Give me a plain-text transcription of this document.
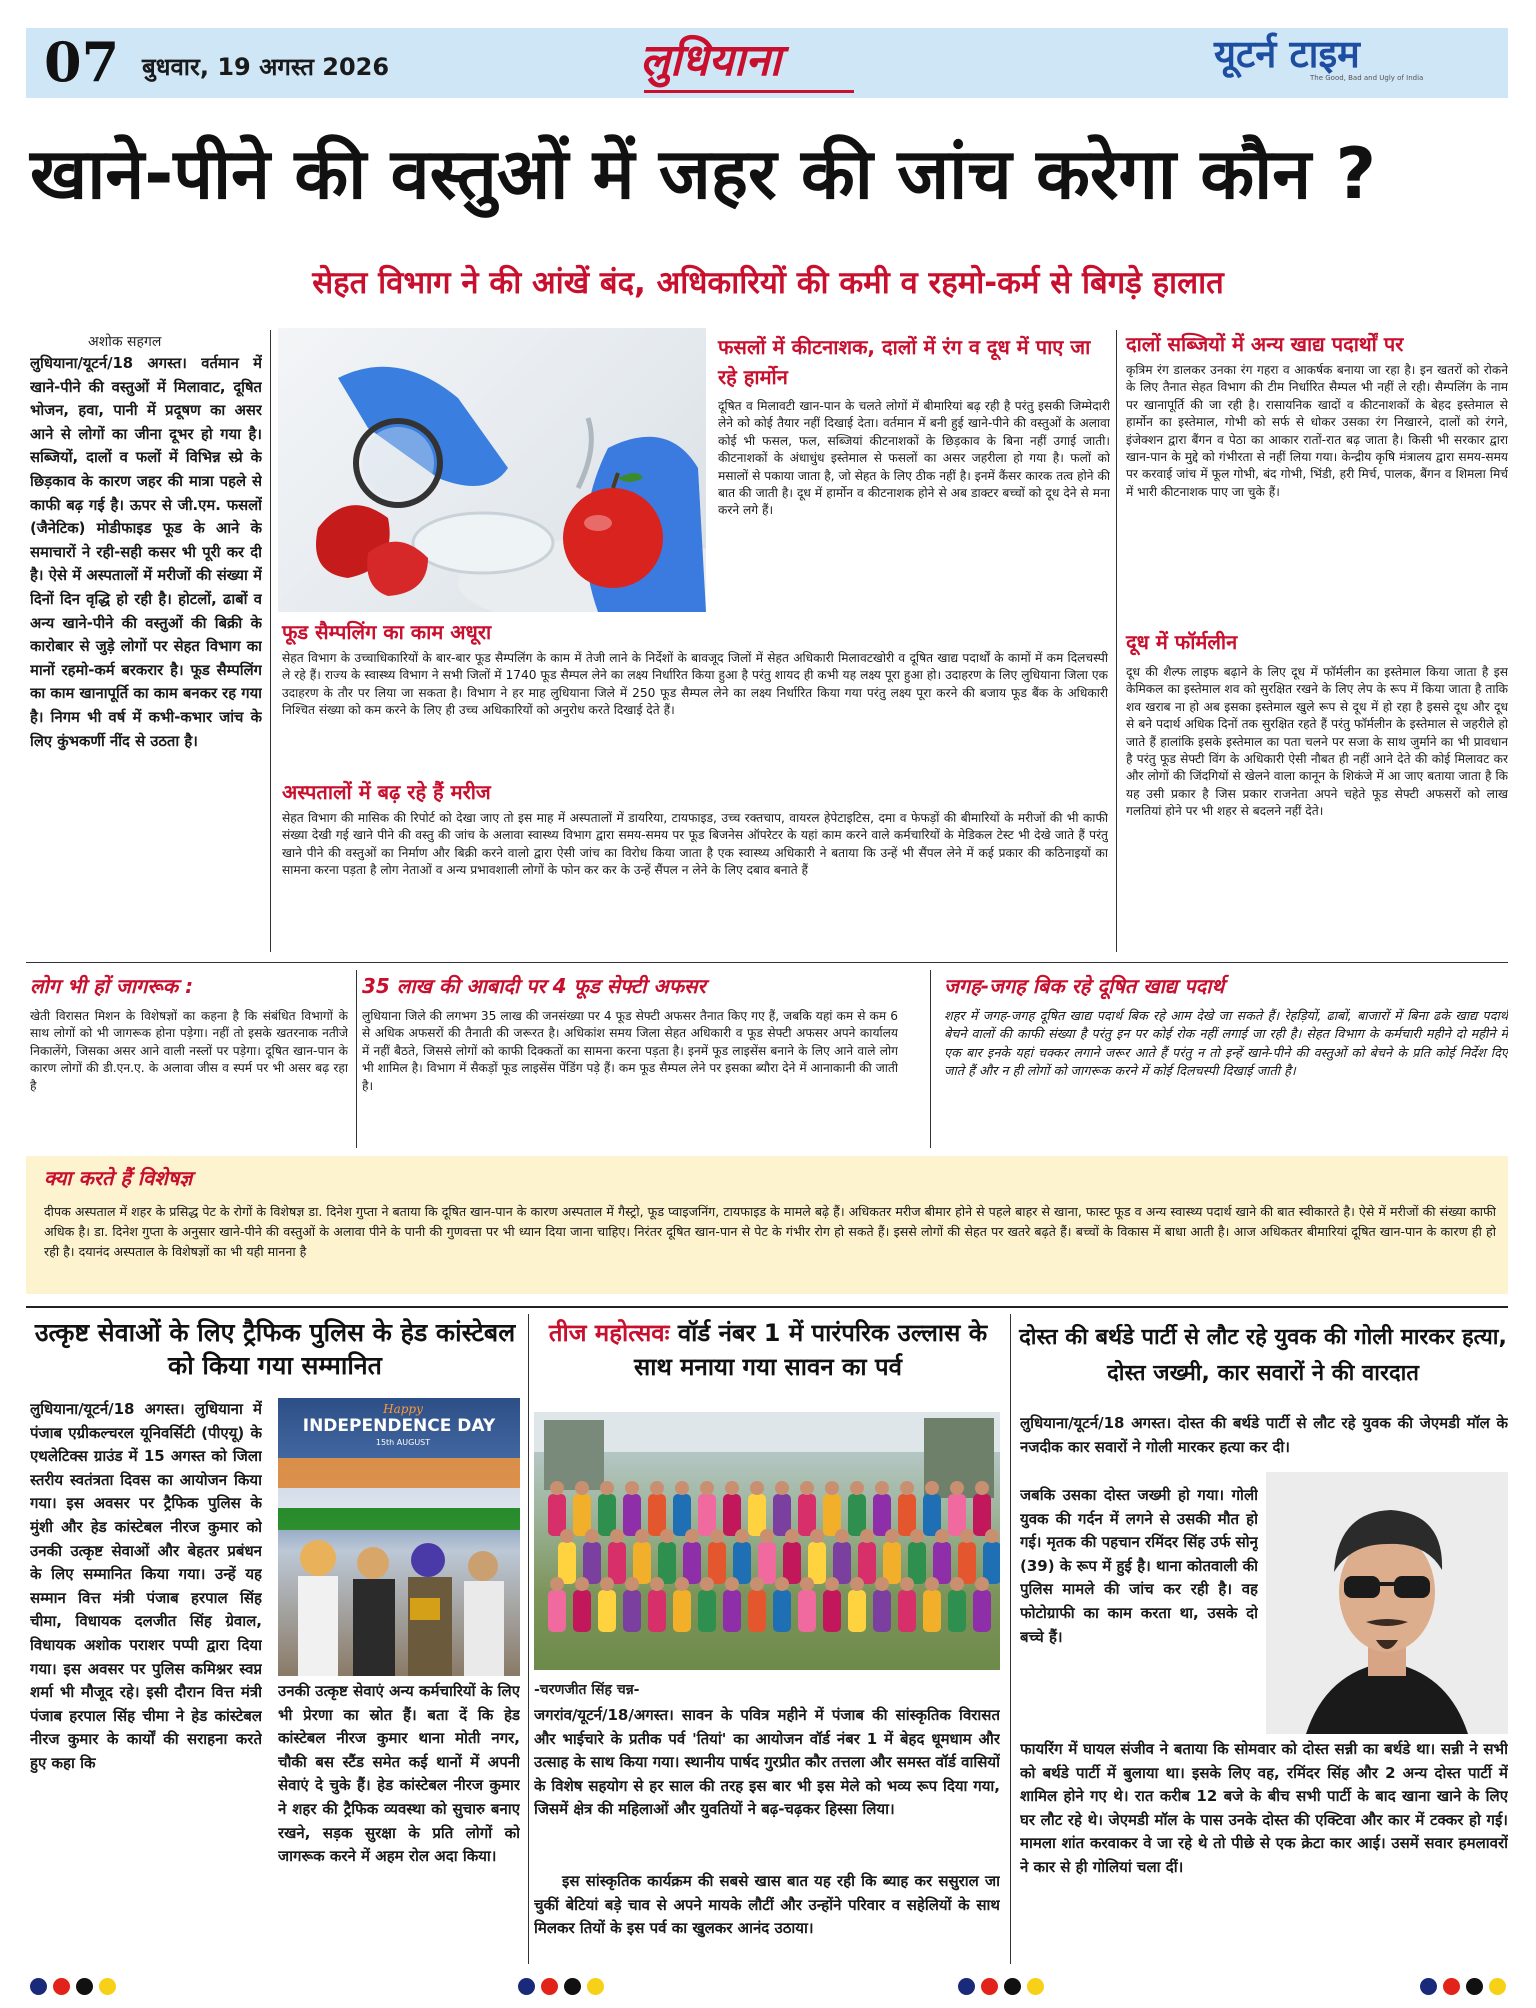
07 बुधवार, 19 अगस्त 2026	लुधियाना	यूटर्न टाइम
The Good, Bad and Ugly of India
खाने-पीने की वस्तुओं में जहर की जांच करेगा कौन ?
सेहत विभाग ने की आंखें बंद, अधिकारियों की कमी व रहमो-कर्म से बिगड़े हालात
अशोक सहगल
लुधियाना/यूटर्न/18 अगस्त। वर्तमान में खाने-पीने की वस्तुओं में मिलावाट, दूषित भोजन, हवा, पानी में प्रदूषण का असर आने से लोगों का जीना दूभर हो गया है। सब्जियों, दालों व फलों में विभिन्न स्प्रे के छिड़काव के कारण जहर की मात्रा पहले से काफी बढ़ गई है। ऊपर से जी.एम. फसलों (जैनेटिक) मोडीफाइड फूड के आने के समाचारों ने रही-सही कसर भी पूरी कर दी है। ऐसे में अस्पतालों में मरीजों की संख्या में दिनों दिन वृद्धि हो रही है। होटलों, ढाबों व अन्य खाने-पीने की वस्तुओं की बिक्री के कारोबार से जुड़े लोगों पर सेहत विभाग का मानों रहमो-कर्म बरकरार है। फूड सैम्पलिंग का काम खानापूर्ति का काम बनकर रह गया है। निगम भी वर्ष में कभी-कभार जांच के लिए कुंभकर्णी नींद से उठता है।
फसलों में कीटनाशक, दालों में रंग व दूध में पाए जा रहे हार्मोन
दूषित व मिलावटी खान-पान के चलते लोगों में बीमारियां बढ़ रही है परंतु इसकी जिम्मेदारी लेने को कोई तैयार नहीं दिखाई देता। वर्तमान में बनी हुई खाने-पीने की वस्तुओं के अलावा कोई भी फसल, फल, सब्जियां कीटनाशकों के छिड़काव के बिना नहीं उगाई जाती। कीटनाशकों के अंधाधुंध इस्तेमाल से फसलों का असर जहरीला हो गया है। फलों को मसालों से पकाया जाता है, जो सेहत के लिए ठीक नहीं है। इनमें कैंसर कारक तत्व होने की बात की जाती है। दूध में हार्मोन व कीटनाशक होने से अब डाक्टर बच्चों को दूध देने से मना करने लगे हैं।
दालों सब्जियों में अन्य खाद्य पदार्थों पर
कृत्रिम रंग डालकर उनका रंग गहरा व आकर्षक बनाया जा रहा है। इन खतरों को रोकने के लिए तैनात सेहत विभाग की टीम निर्धारित सैम्पल भी नहीं ले रही। सैम्पलिंग के नाम पर खानापूर्ति की जा रही है। रासायनिक खादों व कीटनाशकों के बेहद इस्तेमाल से हार्मोन का इस्तेमाल, गोभी को सर्फ से धोकर उसका रंग निखारने, दालों को रंगने, इंजेक्शन द्वारा बैंगन व पेठा का आकार रातों-रात बढ़ जाता है। किसी भी सरकार द्वारा खान-पान के मुद्दे को गंभीरता से नहीं लिया गया। केन्द्रीय कृषि मंत्रालय द्वारा समय-समय पर करवाई जांच में फूल गोभी, बंद गोभी, भिंडी, हरी मिर्च, पालक, बैंगन व शिमला मिर्च में भारी कीटनाशक पाए जा चुके हैं।
दूध में फॉर्मलीन
दूध की शैल्फ लाइफ बढ़ाने के लिए दूध में फॉर्मलीन का इस्तेमाल किया जाता है इस केमिकल का इस्तेमाल शव को सुरक्षित रखने के लिए लेप के रूप में किया जाता है ताकि शव खराब ना हो अब इसका इस्तेमाल खुले रूप से दूध में हो रहा है इससे दूध और दूध से बने पदार्थ अधिक दिनों तक सुरक्षित रहते हैं परंतु फॉर्मलीन के इस्तेमाल से जहरीले हो जाते हैं हालांकि इसके इस्तेमाल का पता चलने पर सजा के साथ जुर्माने का भी प्रावधान है परंतु फूड सेफ्टी विंग के अधिकारी ऐसी नौबत ही नहीं आने देते की कोई मिलावट कर और लोगों की जिंदगियों से खेलने वाला कानून के शिकंजे में आ जाए बताया जाता है कि यह उसी प्रकार है जिस प्रकार राजनेता अपने चहेते फूड सेफ्टी अफसरों को लाख गलतियां होने पर भी शहर से बदलने नहीं देते।
फूड सैम्पलिंग का काम अधूरा
सेहत विभाग के उच्चाधिकारियों के बार-बार फूड सैम्पलिंग के काम में तेजी लाने के निर्देशों के बावजूद जिलों में सेहत अधिकारी मिलावटखोरी व दूषित खाद्य पदार्थों के कामों में कम दिलचस्पी ले रहे हैं। राज्य के स्वास्थ्य विभाग ने सभी जिलों में 1740 फूड सैम्पल लेने का लक्ष्य निर्धारित किया हुआ है परंतु शायद ही कभी यह लक्ष्य पूरा हुआ हो। उदाहरण के लिए लुधियाना जिला एक उदाहरण के तौर पर लिया जा सकता है। विभाग ने हर माह लुधियाना जिले में 250 फूड सैम्पल लेने का लक्ष्य निर्धारित किया गया परंतु लक्ष्य पूरा करने की बजाय फूड बैंक के अधिकारी निश्चित संख्या को कम करने के लिए ही उच्च अधिकारियों को अनुरोध करते दिखाई देते हैं।
अस्पतालों में बढ़ रहे हैं मरीज
सेहत विभाग की मासिक की रिपोर्ट को देखा जाए तो इस माह में अस्पतालों में डायरिया, टायफाइड, उच्च रक्तचाप, वायरल हेपेटाइटिस, दमा व फेफड़ों की बीमारियों के मरीजों की भी काफी संख्या देखी गई खाने पीने की वस्तु की जांच के अलावा स्वास्थ्य विभाग द्वारा समय-समय पर फूड बिजनेस ऑपरेटर के यहां काम करने वाले कर्मचारियों के मेडिकल टेस्ट भी देखे जाते हैं परंतु खाने पीने की वस्तुओं का निर्माण और बिक्री करने वालो द्वारा ऐसी जांच का विरोध किया जाता है एक स्वास्थ्य अधिकारी ने बताया कि उन्हें भी सैंपल लेने में कई प्रकार की कठिनाइयों का सामना करना पड़ता है लोग नेताओं व अन्य प्रभावशाली लोगों के फोन कर कर के उन्हें सैंपल न लेने के लिए दबाव बनाते हैं
लोग भी हों जागरूक :
खेती विरासत मिशन के विशेषज्ञों का कहना है कि संबंधित विभागों के साथ लोगों को भी जागरूक होना पड़ेगा। नहीं तो इसके खतरनाक नतीजे निकालेंगे, जिसका असर आने वाली नस्लों पर पड़ेगा। दूषित खान-पान के कारण लोगों की डी.एन.ए. के अलावा जीस व स्पर्म पर भी असर बढ़ रहा है
35 लाख की आबादी पर 4 फूड सेफ्टी अफसर
लुधियाना जिले की लगभग 35 लाख की जनसंख्या पर 4 फूड सेफ्टी अफसर तैनात किए गए हैं, जबकि यहां कम से कम 6 से अधिक अफसरों की तैनाती की जरूरत है। अधिकांश समय जिला सेहत अधिकारी व फूड सेफ्टी अफसर अपने कार्यालय में नहीं बैठते, जिससे लोगों को काफी दिक्कतों का सामना करना पड़ता है। इनमें फूड लाइसेंस बनाने के लिए आने वाले लोग भी शामिल है। विभाग में सैकड़ों फूड लाइसेंस पेंडिंग पड़े हैं। कम फूड सैम्पल लेने पर इसका ब्यौरा देने में आनाकानी की जाती है।
जगह-जगह बिक रहे दूषित खाद्य पदार्थ
शहर में जगह-जगह दूषित खाद्य पदार्थ बिक रहे आम देखे जा सकते हैं। रेहड़ियों, ढाबों, बाजारों में बिना ढके खाद्य पदार्थ बेचने वालों की काफी संख्या है परंतु इन पर कोई रोक नहीं लगाई जा रही है। सेहत विभाग के कर्मचारी महीने दो महीने में एक बार इनके यहां चक्कर लगाने जरूर आते हैं परंतु न तो इन्हें खाने-पीने की वस्तुओं को बेचने के प्रति कोई निर्देश दिए जाते हैं और न ही लोगों को जागरूक करने में कोई दिलचस्पी दिखाई जाती है।
क्या करते हैं विशेषज्ञ
दीपक अस्पताल में शहर के प्रसिद्ध पेट के रोगों के विशेषज्ञ डा. दिनेश गुप्ता ने बताया कि दूषित खान-पान के कारण अस्पताल में गैस्ट्रो, फूड प्वाइजनिंग, टायफाइड के मामले बढ़े हैं। अधिकतर मरीज बीमार होने से पहले बाहर से खाना, फास्ट फूड व अन्य स्वास्थ्य पदार्थ खाने की बात स्वीकारते है। ऐसे में मरीजों की संख्या काफी अधिक है। डा. दिनेश गुप्ता के अनुसार खाने-पीने की वस्तुओं के अलावा पीने के पानी की गुणवत्ता पर भी ध्यान दिया जाना चाहिए। निरंतर दूषित खान-पान से पेट के गंभीर रोग हो सकते हैं। इससे लोगों की सेहत पर खतरे बढ़ते हैं। बच्चों के विकास में बाधा आती है। आज अधिकतर बीमारियां दूषित खान-पान के कारण ही हो रही है। दयानंद अस्पताल के विशेषज्ञों का भी यही मानना है
उत्कृष्ट सेवाओं के लिए ट्रैफिक पुलिस के हेड कांस्टेबल को किया गया सम्मानित
लुधियाना/यूटर्न/18 अगस्त। लुधियाना में पंजाब एग्रीकल्चरल यूनिवर्सिटी (पीएयू) के एथलेटिक्स ग्राउंड में 15 अगस्त को जिला स्तरीय स्वतंत्रता दिवस का आयोजन किया गया। इस अवसर पर ट्रैफिक पुलिस के मुंशी और हेड कांस्टेबल नीरज कुमार को उनकी उत्कृष्ट सेवाओं और बेहतर प्रबंधन के लिए सम्मानित किया गया। उन्हें यह सम्मान वित्त मंत्री पंजाब हरपाल सिंह चीमा, विधायक दलजीत सिंह ग्रेवाल, विधायक अशोक पराशर पप्पी द्वारा दिया गया। इस अवसर पर पुलिस कमिश्नर स्वप्न शर्मा भी मौजूद रहे। इसी दौरान वित्त मंत्री पंजाब हरपाल सिंह चीमा ने हेड कांस्टेबल नीरज कुमार के कार्यों की सराहना करते हुए कहा कि
Happy
INDEPENDENCE DAY
15th AUGUST
उनकी उत्कृष्ट सेवाएं अन्य कर्मचारियों के लिए भी प्रेरणा का स्रोत हैं। बता दें कि हेड कांस्टेबल नीरज कुमार थाना मोती नगर, चौकी बस स्टैंड समेत कई थानों में अपनी सेवाएं दे चुके हैं। हेड कांस्टेबल नीरज कुमार ने शहर की ट्रैफिक व्यवस्था को सुचारु बनाए रखने, सड़क सुरक्षा के प्रति लोगों को जागरूक करने में अहम रोल अदा किया।
तीज महोत्सवः वॉर्ड नंबर 1 में पारंपरिक उल्लास के साथ मनाया गया सावन का पर्व
-चरणजीत सिंह चन्न-
जगरांव/यूटर्न/18/अगस्त। सावन के पवित्र महीने में पंजाब की सांस्कृतिक विरासत और भाईचारे के प्रतीक पर्व 'तियां' का आयोजन वॉर्ड नंबर 1 में बेहद धूमधाम और उत्साह के साथ किया गया। स्थानीय पार्षद गुरप्रीत कौर तत्तला और समस्त वॉर्ड वासियों के विशेष सहयोग से हर साल की तरह इस बार भी इस मेले को भव्य रूप दिया गया, जिसमें क्षेत्र की महिलाओं और युवतियों ने बढ़-चढ़कर हिस्सा लिया।
इस सांस्कृतिक कार्यक्रम की सबसे खास बात यह रही कि ब्याह कर ससुराल जा चुकीं बेटियां बड़े चाव से अपने मायके लौटीं और उन्होंने परिवार व सहेलियों के साथ मिलकर तियों के इस पर्व का खुलकर आनंद उठाया।
दोस्त की बर्थडे पार्टी से लौट रहे युवक की गोली मारकर हत्या, दोस्त जख्मी, कार सवारों ने की वारदात
लुधियाना/यूटर्न/18 अगस्त। दोस्त की बर्थडे पार्टी से लौट रहे युवक की जेएमडी मॉल के नजदीक कार सवारों ने गोली मारकर हत्या कर दी।
जबकि उसका दोस्त जख्मी हो गया। गोली युवक की गर्दन में लगने से उसकी मौत हो गई। मृतक की पहचान रमिंदर सिंह उर्फ सोनू (39) के रूप में हुई है। थाना कोतवाली की पुलिस मामले की जांच कर रही है। वह फोटोग्राफी का काम करता था, उसके दो बच्चे हैं।
फायरिंग में घायल संजीव ने बताया कि सोमवार को दोस्त सन्नी का बर्थडे था। सन्नी ने सभी को बर्थडे पार्टी में बुलाया था। इसके लिए वह, रमिंदर सिंह और 2 अन्य दोस्त पार्टी में शामिल होने गए थे। रात करीब 12 बजे के बीच सभी पार्टी के बाद खाना खाने के लिए घर लौट रहे थे। जेएमडी मॉल के पास उनके दोस्त की एक्टिवा और कार में टक्कर हो गई। मामला शांत करवाकर वे जा रहे थे तो पीछे से एक क्रेटा कार आई। उसमें सवार हमलावरों ने कार से ही गोलियां चला दीं।
